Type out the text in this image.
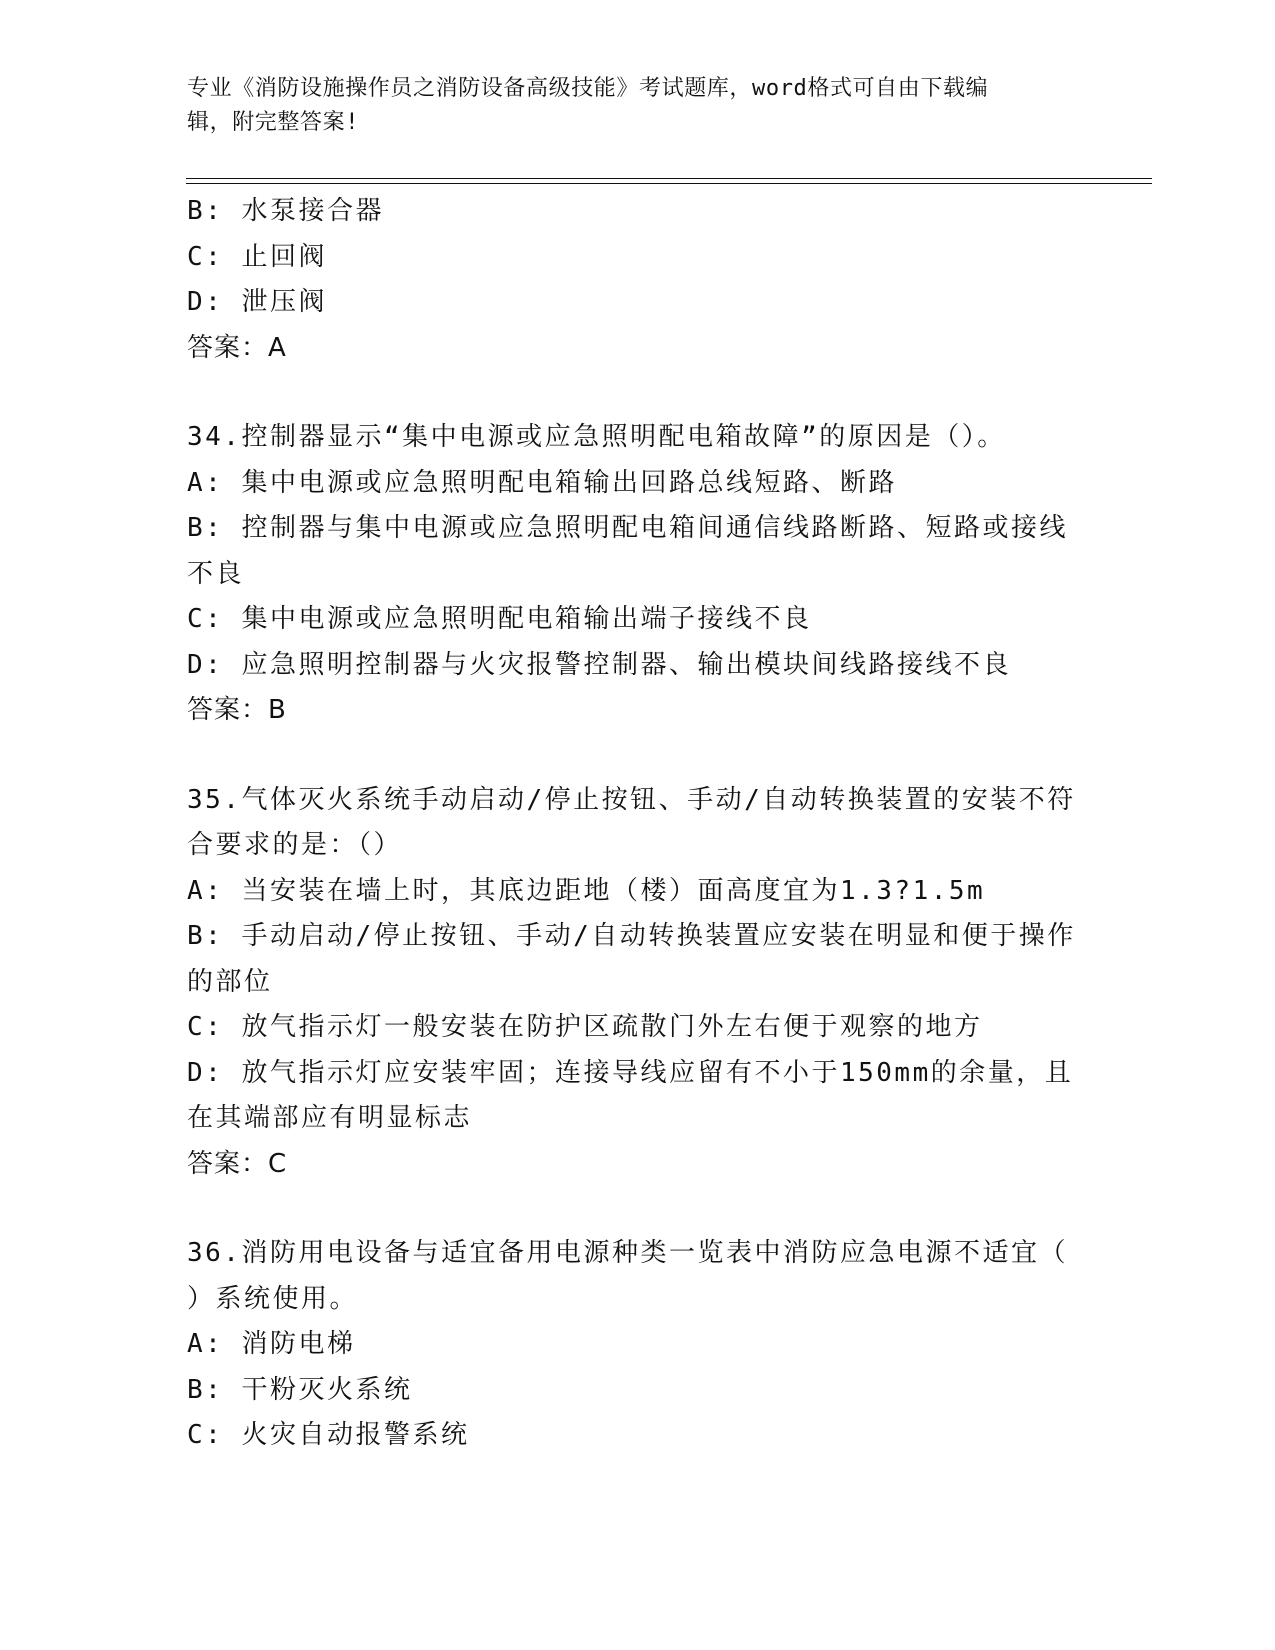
专业《消防设施操作员之消防设备高级技能》考试题库，word格式可自由下载编
辑，附完整答案!
B: 水泵接合器
C: 止回阀
D: 泄压阀
答案：A
34.控制器显示“集中电源或应急照明配电箱故障”的原因是（）。
A: 集中电源或应急照明配电箱输出回路总线短路、断路
B: 控制器与集中电源或应急照明配电箱间通信线路断路、短路或接线
不良
C: 集中电源或应急照明配电箱输出端子接线不良
D: 应急照明控制器与火灾报警控制器、输出模块间线路接线不良
答案：B
35.气体灭火系统手动启动/停止按钮、手动/自动转换装置的安装不符
合要求的是：（）
A: 当安装在墙上时，其底边距地（楼）面高度宜为1.3?1.5m
B: 手动启动/停止按钮、手动/自动转换装置应安装在明显和便于操作
的部位
C: 放气指示灯一般安装在防护区疏散门外左右便于观察的地方
D: 放气指示灯应安装牢固；连接导线应留有不小于150mm的余量，且
在其端部应有明显标志
答案：C
36.消防用电设备与适宜备用电源种类一览表中消防应急电源不适宜（
）系统使用。
A: 消防电梯
B: 干粉灭火系统
C: 火灾自动报警系统
